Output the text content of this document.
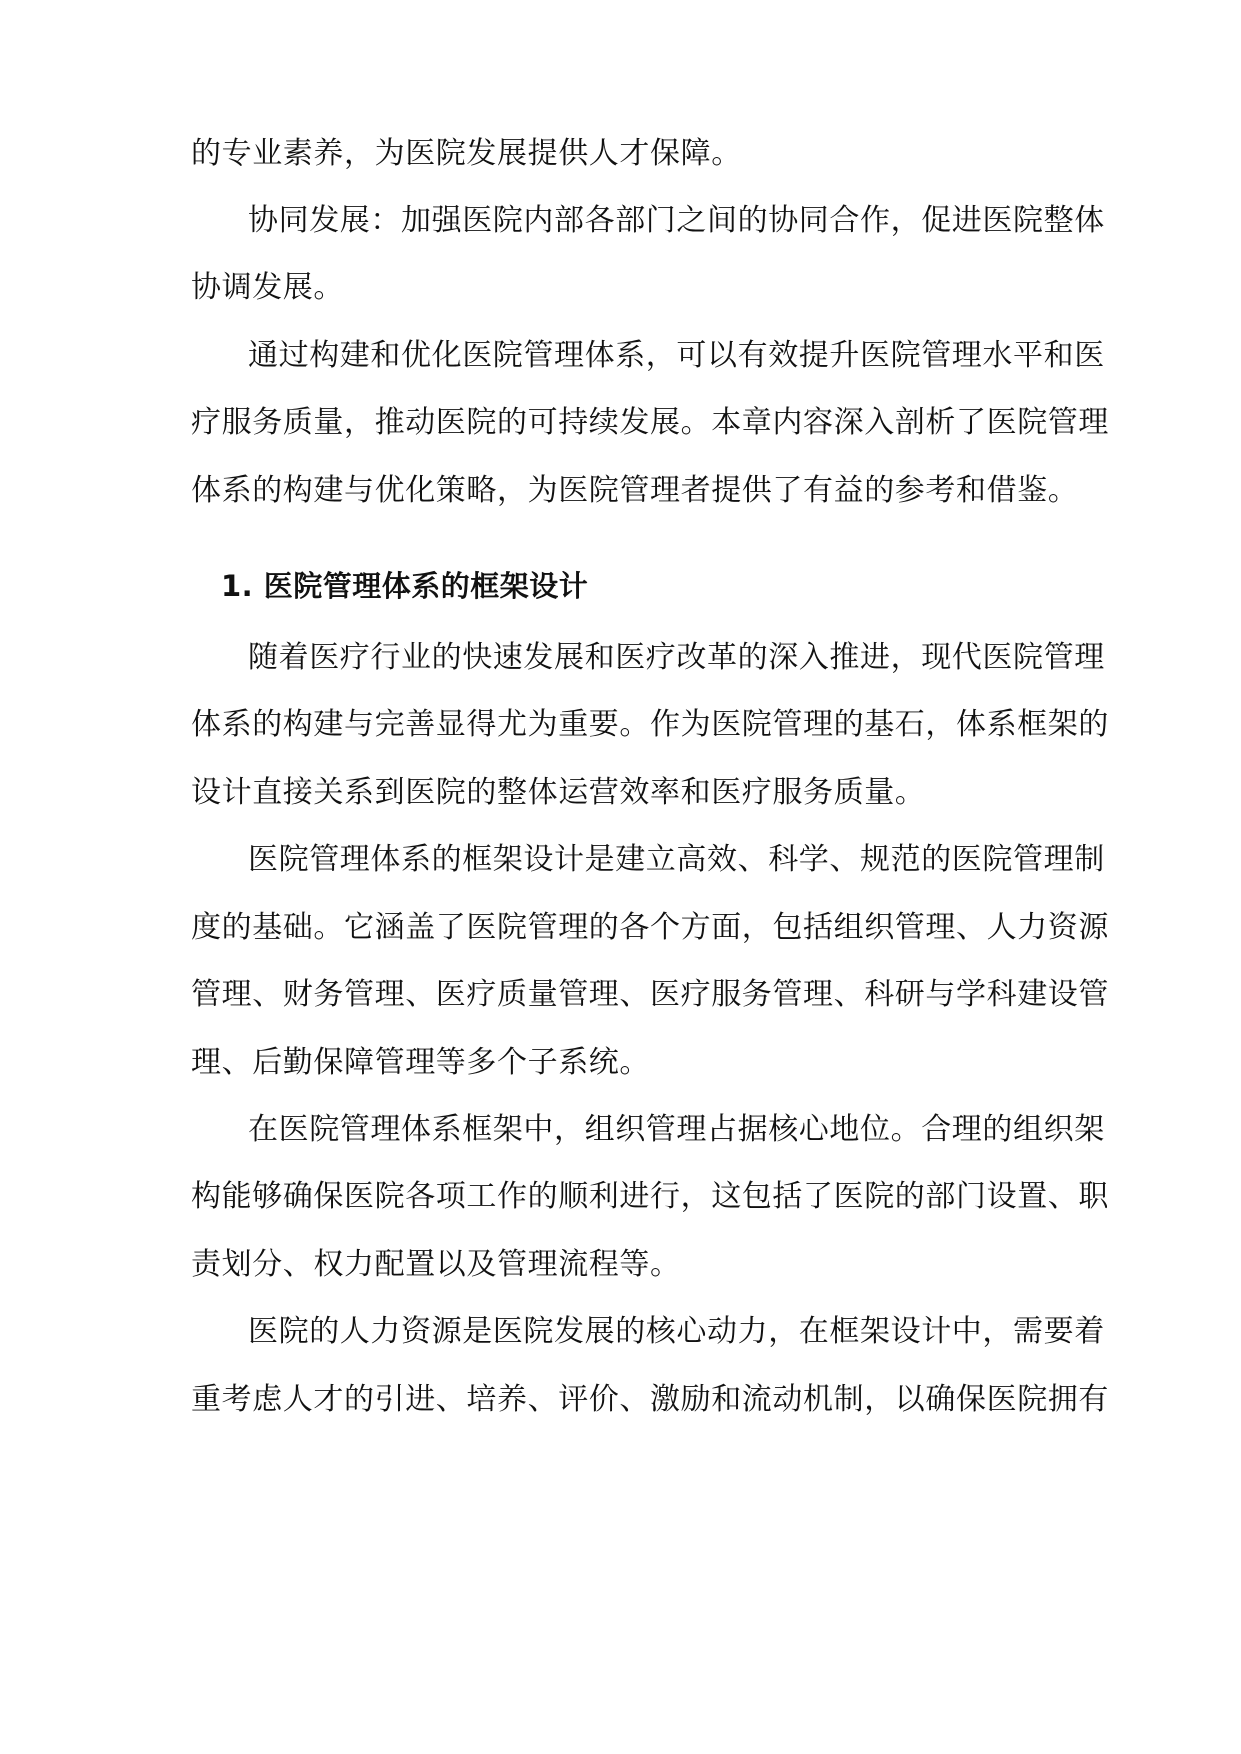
的专业素养，为医院发展提供人才保障。
协同发展：加强医院内部各部门之间的协同合作，促进医院整体
协调发展。
通过构建和优化医院管理体系，可以有效提升医院管理水平和医
疗服务质量，推动医院的可持续发展。本章内容深入剖析了医院管理
体系的构建与优化策略，为医院管理者提供了有益的参考和借鉴。
1. 医院管理体系的框架设计
随着医疗行业的快速发展和医疗改革的深入推进，现代医院管理
体系的构建与完善显得尤为重要。作为医院管理的基石，体系框架的
设计直接关系到医院的整体运营效率和医疗服务质量。
医院管理体系的框架设计是建立高效、科学、规范的医院管理制
度的基础。它涵盖了医院管理的各个方面，包括组织管理、人力资源
管理、财务管理、医疗质量管理、医疗服务管理、科研与学科建设管
理、后勤保障管理等多个子系统。
在医院管理体系框架中，组织管理占据核心地位。合理的组织架
构能够确保医院各项工作的顺利进行，这包括了医院的部门设置、职
责划分、权力配置以及管理流程等。
医院的人力资源是医院发展的核心动力，在框架设计中，需要着
重考虑人才的引进、培养、评价、激励和流动机制，以确保医院拥有
